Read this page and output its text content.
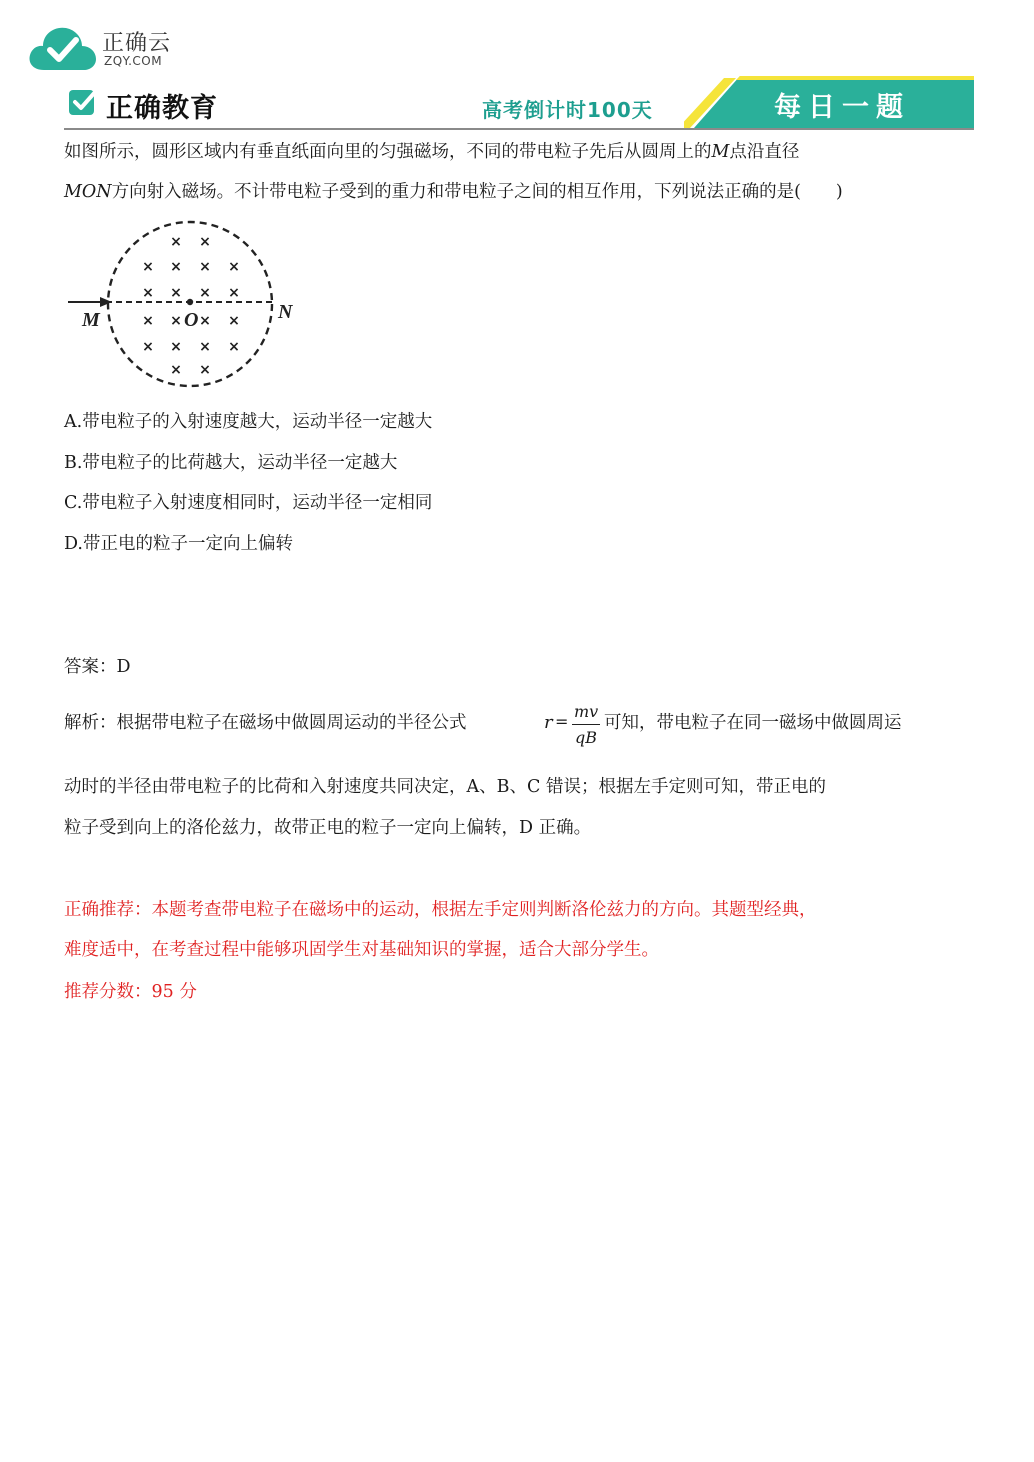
正确云
ZQY.COM
正确教育	高考倒计时100天	每日一题
如图所示，圆形区域内有垂直纸面向里的匀强磁场，不同的带电粒子先后从圆周上的M点沿直径
MON方向射入磁场。不计带电粒子受到的重力和带电粒子之间的相互作用，下列说法正确的是(　　)
× ×
× × × ×
× × × ×
× × × ×
× × × ×
× ×
M	O	N
A.带电粒子的入射速度越大，运动半径一定越大
B.带电粒子的比荷越大，运动半径一定越大
C.带电粒子入射速度相同时，运动半径一定相同
D.带正电的粒子一定向上偏转
答案：D
解析：根据带电粒子在磁场中做圆周运动的半径公式	r =
mv
qB
可知，带电粒子在同一磁场中做圆周运
动时的半径由带电粒子的比荷和入射速度共同决定，A、B、C 错误；根据左手定则可知，带正电的
粒子受到向上的洛伦兹力，故带正电的粒子一定向上偏转，D 正确。
正确推荐：本题考查带电粒子在磁场中的运动，根据左手定则判断洛伦兹力的方向。其题型经典，
难度适中，在考查过程中能够巩固学生对基础知识的掌握，适合大部分学生。
推荐分数：95 分
